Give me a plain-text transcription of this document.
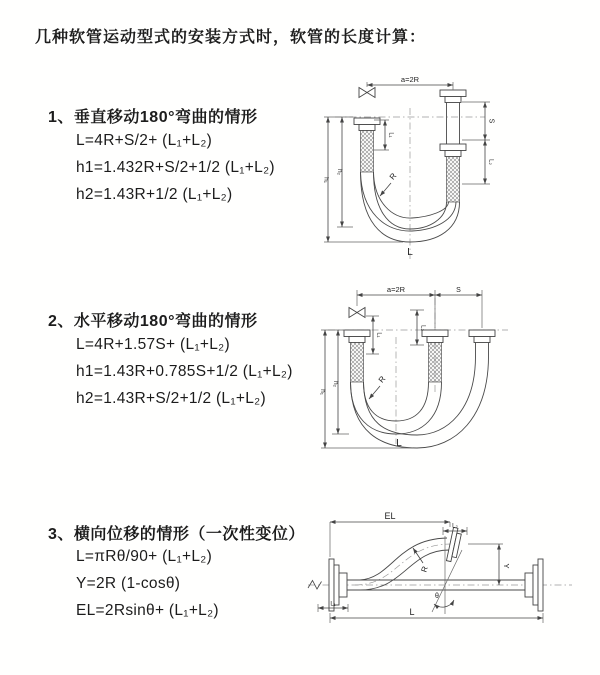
几种软管运动型式的安装方式时，软管的长度计算：
1、垂直移动180°弯曲的情形
L=4R+S/2+ (L₁+L₂)
h1=1.432R+S/2+1/2 (L₁+L₂)
h2=1.43R+1/2 (L₁+L₂)
2、水平移动180°弯曲的情形
L=4R+1.57S+ (L₁+L₂)
h1=1.43R+0.785S+1/2 (L₁+L₂)
h2=1.43R+S/2+1/2 (L₁+L₂)
3、横向位移的情形（一次性变位）
L=πRθ/90+ (L₁+L₂)
Y=2R (1-cosθ)
EL=2Rsinθ+ (L₁+L₂)
a=2R
S
L₂
L₁
h₂
h₁	R
L
a=2R	S
h₁
h₂
L₁
L₂
R
L
EL
L₂
Y
R
θ
L₁
L
